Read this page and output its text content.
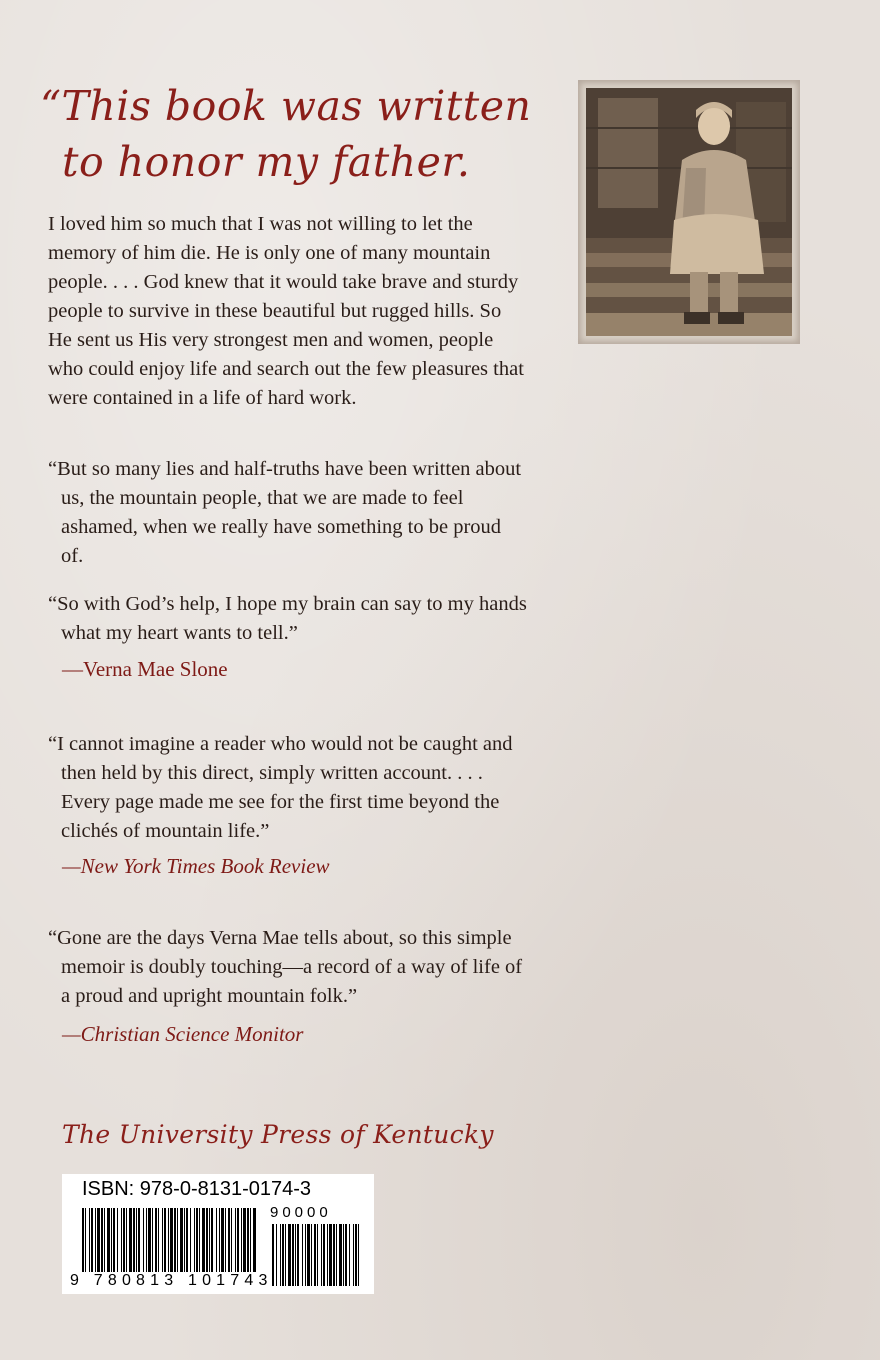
“This book was written
to honor my father.

I loved him so much that I was not willing to let the memory of him die. He is only one of many mountain people. . . . God knew that it would take brave and sturdy people to survive in these beautiful but rugged hills. So He sent us His very strongest men and women, people who could enjoy life and search out the few pleasures that were contained in a life of hard work.

“But so many lies and half-truths have been written about us, the mountain people, that we are made to feel ashamed, when we really have something to be proud of.

“So with God’s help, I hope my brain can say to my hands what my heart wants to tell.”

—Verna Mae Slone

“I cannot imagine a reader who would not be caught and then held by this direct, simply written account. . . . Every page made me see for the first time beyond the clichés of mountain life.”

—New York Times Book Review

“Gone are the days Verna Mae tells about, so this simple memoir is doubly touching—a record of a way of life of a proud and upright mountain folk.”

—Christian Science Monitor
The University Press of Kentucky
ISBN: 978-0-8131-0174-3
90000
9 780813 101743
